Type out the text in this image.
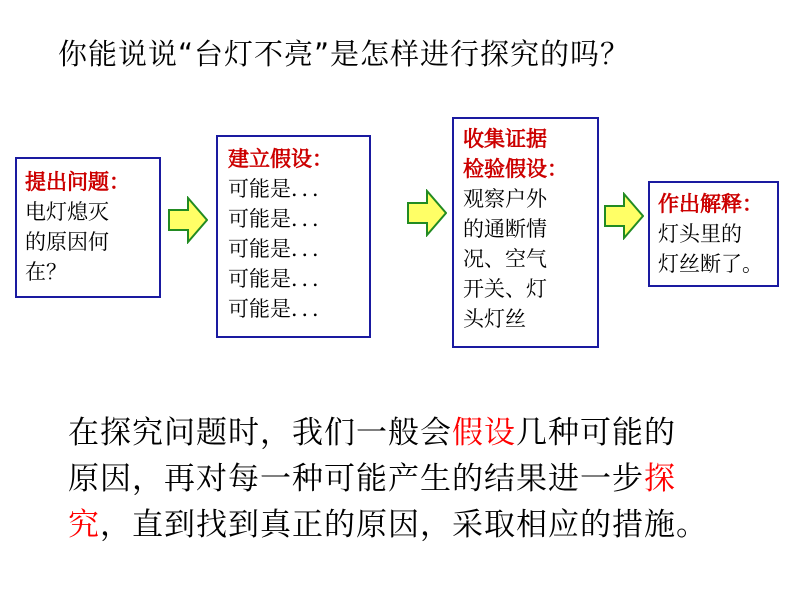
你能说说“台灯不亮”是怎样进行探究的吗？
提出问题：
电灯熄灭
的原因何
在？
建立假设：
可能是．．．
可能是．．．
可能是．．．
可能是．．．
可能是．．．
收集证据
检验假设：
观察户外
的通断情
况、空气
开关、灯
头灯丝
作出解释：
灯头里的
灯丝断了。
在探究问题时，我们一般会假设几种可能的
原因，再对每一种可能产生的结果进一步探
究，直到找到真正的原因，采取相应的措施。
